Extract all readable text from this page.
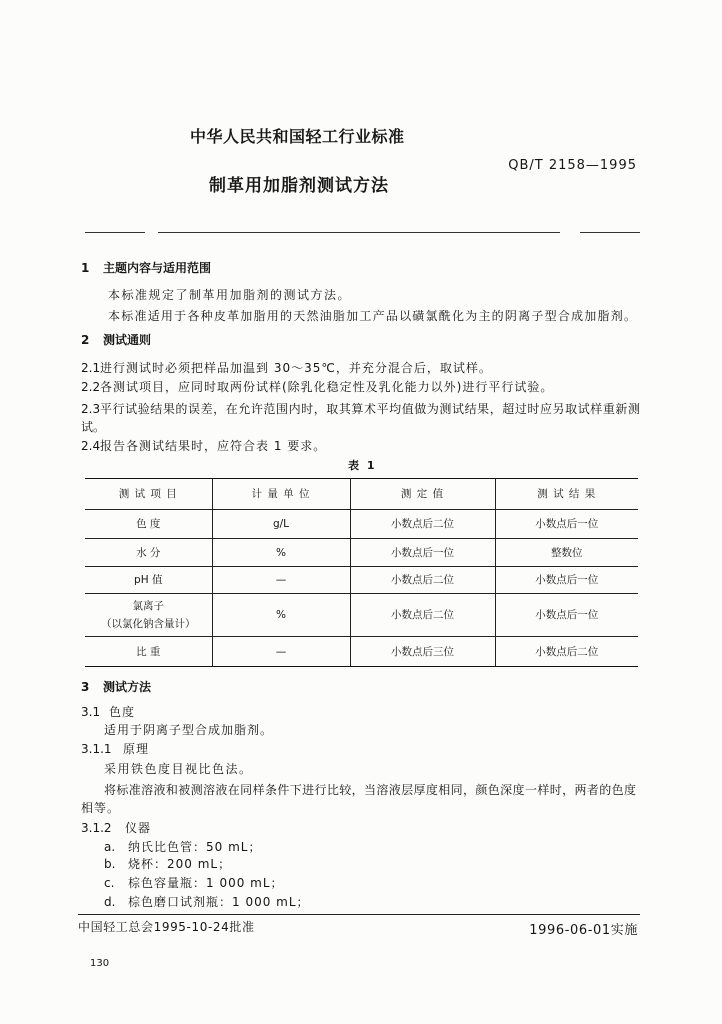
中华人民共和国轻工行业标准
QB/T 2158—1995
制革用加脂剂测试方法
1	主题内容与适用范围
本标准规定了制革用加脂剂的测试方法。
本标准适用于各种皮革加脂用的天然油脂加工产品以磺氯酰化为主的阴离子型合成加脂剂。
2	测试通则
2.1 进行测试时必须把样品加温到 30～35℃，并充分混合后，取试样。
2.2 各测试项目，应同时取两份试样(除乳化稳定性及乳化能力以外)进行平行试验。
2.3 平行试验结果的误差，在允许范围内时，取其算术平均值做为测试结果，超过时应另取试样重新测
试。
2.4 报告各测试结果时，应符合表 1 要求。
表 1
测 试 项 目	计 量 单 位	测 定 值	测 试 结 果
色 度	g/L	小数点后二位	小数点后一位
水 分	%	小数点后一位	整数位
pH 值	—	小数点后二位	小数点后一位

氯离子
（以氯化钠含量计）	%	小数点后二位	小数点后一位
比 重	—	小数点后三位	小数点后二位
3	测试方法
3.1 色度
适用于阴离子型合成加脂剂。
3.1.1 原理
采用铁色度目视比色法。
将标准溶液和被测溶液在同样条件下进行比较，当溶液层厚度相同，颜色深度一样时，两者的色度
相等。
3.1.2	仪器
a.	纳氏比色管：50 mL；
b.	烧杯：200 mL；
c.	棕色容量瓶：1 000 mL；
d.	棕色磨口试剂瓶：1 000 mL；
中国轻工总会1995-10-24批准	1996-06-01实施
130
